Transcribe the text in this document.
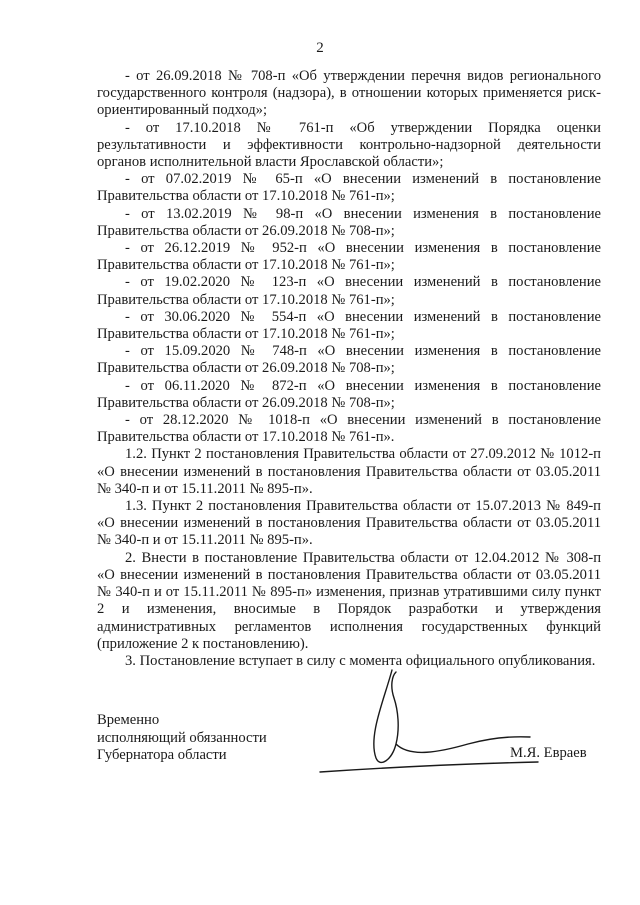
2

- от 26.09.2018 № 708-п «Об утверждении перечня видов регионального государственного контроля (надзора), в отношении которых применяется риск-ориентированный подход»;

- от 17.10.2018 № 761-п «Об утверждении Порядка оценки результативности и эффективности контрольно-надзорной деятельности органов исполнительной власти Ярославской области»;

- от 07.02.2019 № 65-п «О внесении изменений в постановление Правительства области от 17.10.2018 № 761-п»;

- от 13.02.2019 № 98-п «О внесении изменения в постановление Правительства области от 26.09.2018 № 708-п»;

- от 26.12.2019 № 952-п «О внесении изменения в постановление Правительства области от 17.10.2018 № 761-п»;

- от 19.02.2020 № 123-п «О внесении изменений в постановление Правительства области от 17.10.2018 № 761-п»;

- от 30.06.2020 № 554-п «О внесении изменений в постановление Правительства области от 17.10.2018 № 761-п»;

- от 15.09.2020 № 748-п «О внесении изменения в постановление Правительства области от 26.09.2018 № 708-п»;

- от 06.11.2020 № 872-п «О внесении изменения в постановление Правительства области от 26.09.2018 № 708-п»;

- от 28.12.2020 № 1018-п «О внесении изменений в постановление Правительства области от 17.10.2018 № 761-п».

1.2. Пункт 2 постановления Правительства области от 27.09.2012 № 1012-п «О внесении изменений в постановления Правительства области от 03.05.2011 № 340-п и от 15.11.2011 № 895-п».

1.3. Пункт 2 постановления Правительства области от 15.07.2013 № 849-п «О внесении изменений в постановления Правительства области от 03.05.2011 № 340-п и от 15.11.2011 № 895-п».

2. Внести в постановление Правительства области от 12.04.2012 № 308-п «О внесении изменений в постановления Правительства области от 03.05.2011 № 340-п и от 15.11.2011 № 895-п» изменения, признав утратившими силу пункт 2 и изменения, вносимые в Порядок разработки и утверждения административных регламентов исполнения государственных функций (приложение 2 к постановлению).

3. Постановление вступает в силу с момента официального опубликования.

Временно
исполняющий обязанности
Губернатора области	М.Я. Евраев
